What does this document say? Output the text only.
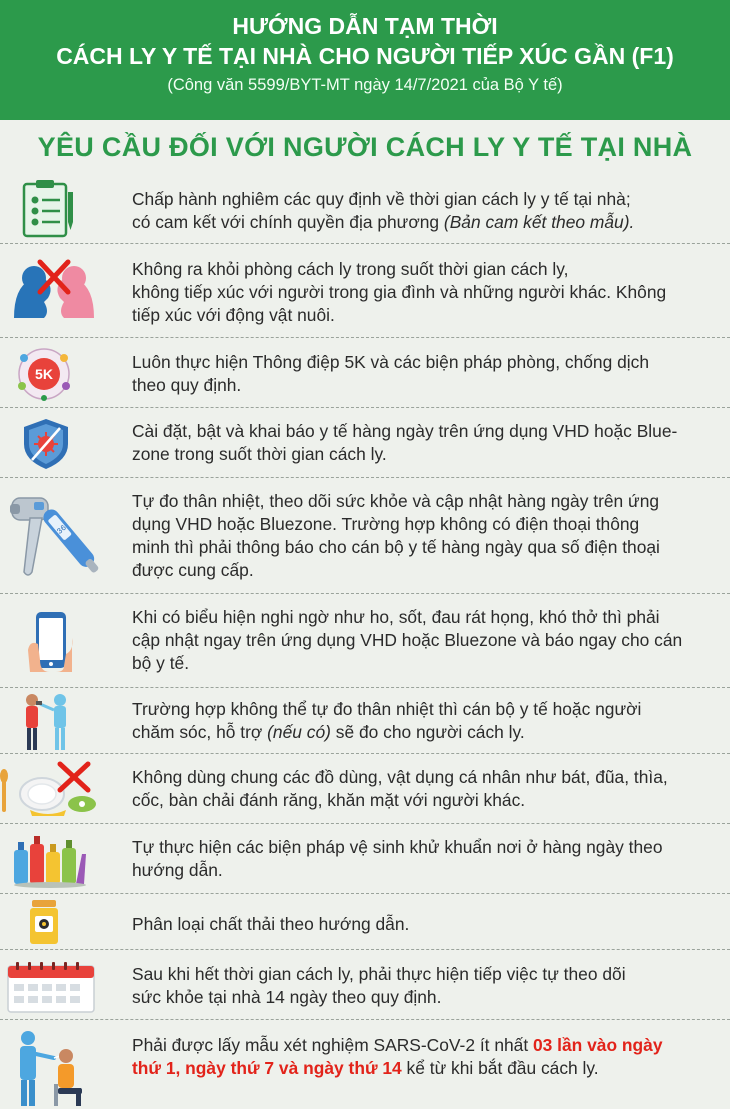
HƯỚNG DẪN TẠM THỜI
CÁCH LY Y TẾ TẠI NHÀ CHO NGƯỜI TIẾP XÚC GẦN (F1)
(Công văn 5599/BYT-MT ngày 14/7/2021 của Bộ Y tế)
YÊU CẦU ĐỐI VỚI NGƯỜI CÁCH LY Y TẾ TẠI NHÀ
Chấp hành nghiêm các quy định về thời gian cách ly y tế tại nhà;
có cam kết với chính quyền địa phương (Bản cam kết theo mẫu).
Không ra khỏi phòng cách ly trong suốt thời gian cách ly,
không tiếp xúc với người trong gia đình và những người khác. Không
tiếp xúc với động vật nuôi.
5K
Luôn thực hiện Thông điệp 5K và các biện pháp phòng, chống dịch
theo quy định.
Cài đặt, bật và khai báo y tế hàng ngày trên ứng dụng VHD hoặc Blue-
zone trong suốt thời gian cách ly.
36
Tự đo thân nhiệt, theo dõi sức khỏe và cập nhật hàng ngày trên ứng
dụng VHD hoặc Bluezone. Trường hợp không có điện thoại thông
minh thì phải thông báo cho cán bộ y tế hàng ngày qua số điện thoại
được cung cấp.
Khi có biểu hiện nghi ngờ như ho, sốt, đau rát họng, khó thở thì phải
cập nhật ngay trên ứng dụng VHD hoặc Bluezone và báo ngay cho cán
bộ y tế.
Trường hợp không thể tự đo thân nhiệt thì cán bộ y tế hoặc người
chăm sóc, hỗ trợ (nếu có) sẽ đo cho người cách ly.
Không dùng chung các đồ dùng, vật dụng cá nhân như bát, đũa, thìa,
cốc, bàn chải đánh răng, khăn mặt với người khác.
Tự thực hiện các biện pháp vệ sinh khử khuẩn nơi ở hàng ngày theo
hướng dẫn.
Phân loại chất thải theo hướng dẫn.
Sau khi hết thời gian cách ly, phải thực hiện tiếp việc tự theo dõi
sức khỏe tại nhà 14 ngày theo quy định.
Phải được lấy mẫu xét nghiệm SARS-CoV-2 ít nhất 03 lần vào ngày
thứ 1, ngày thứ 7 và ngày thứ 14 kể từ khi bắt đầu cách ly.
